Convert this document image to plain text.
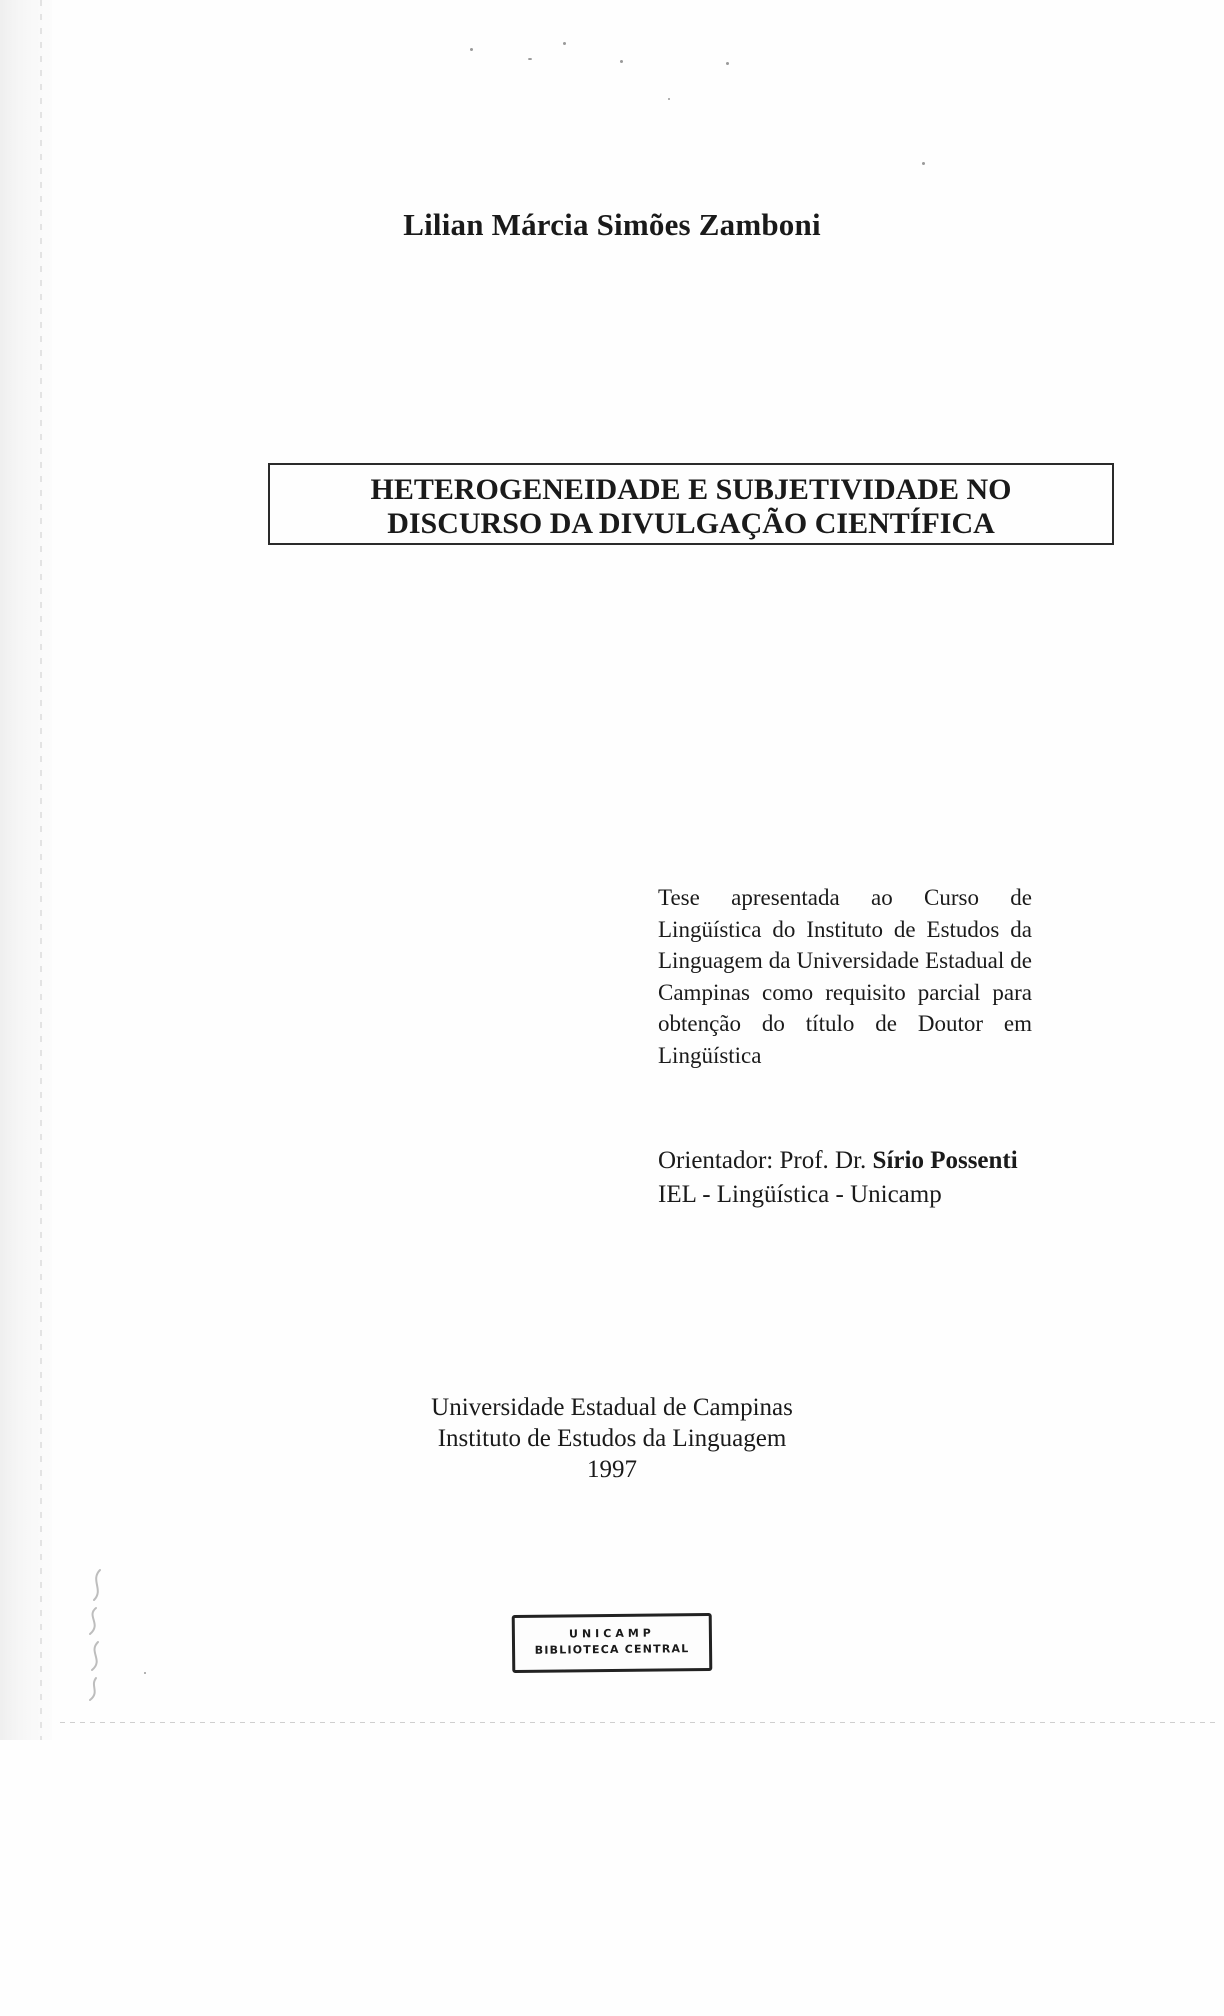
Lilian Márcia Simões Zamboni
HETEROGENEIDADE E SUBJETIVIDADE NO
DISCURSO DA DIVULGAÇÃO CIENTÍFICA
Tese apresentada ao Curso de Lingüística do Instituto de Estudos da Linguagem da Universidade Estadual de Campinas como requisito parcial para obtenção do título de Doutor em Lingüística
Orientador: Prof. Dr. Sírio Possenti
IEL - Lingüística - Unicamp
Universidade Estadual de Campinas
Instituto de Estudos da Linguagem
1997
UNICAMP
BIBLIOTECA CENTRAL
